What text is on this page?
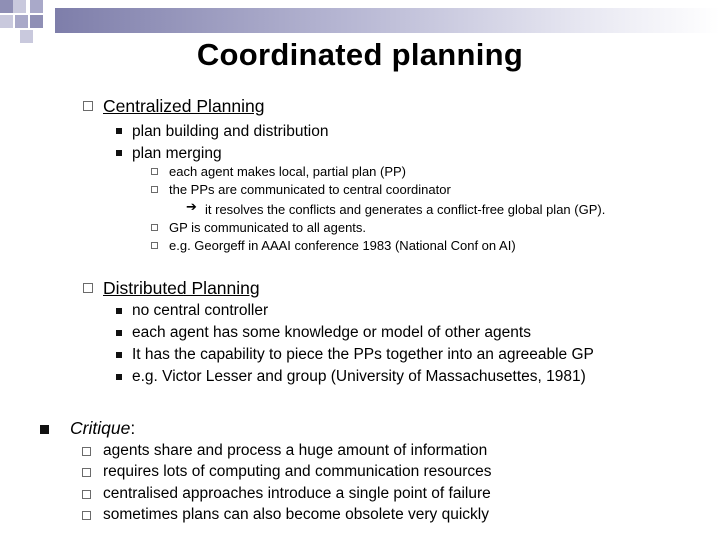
Coordinated planning
Centralized Planning
plan building and distribution
plan merging
each agent makes local, partial plan (PP)
the PPs are communicated to central coordinator
➔ it resolves the conflicts and generates a conflict-free global plan (GP).
GP is communicated to all agents.
e.g. Georgeff in AAAI conference 1983 (National Conf on AI)
Distributed Planning
no central controller
each agent has some knowledge or model of other agents
It has the capability to piece the PPs together into an agreeable GP
e.g. Victor Lesser and group (University of Massachusettes, 1981)
Critique:
agents share and process a huge amount of information
requires lots of computing and communication resources
centralised approaches introduce a single point of failure
sometimes plans can also become obsolete very quickly
